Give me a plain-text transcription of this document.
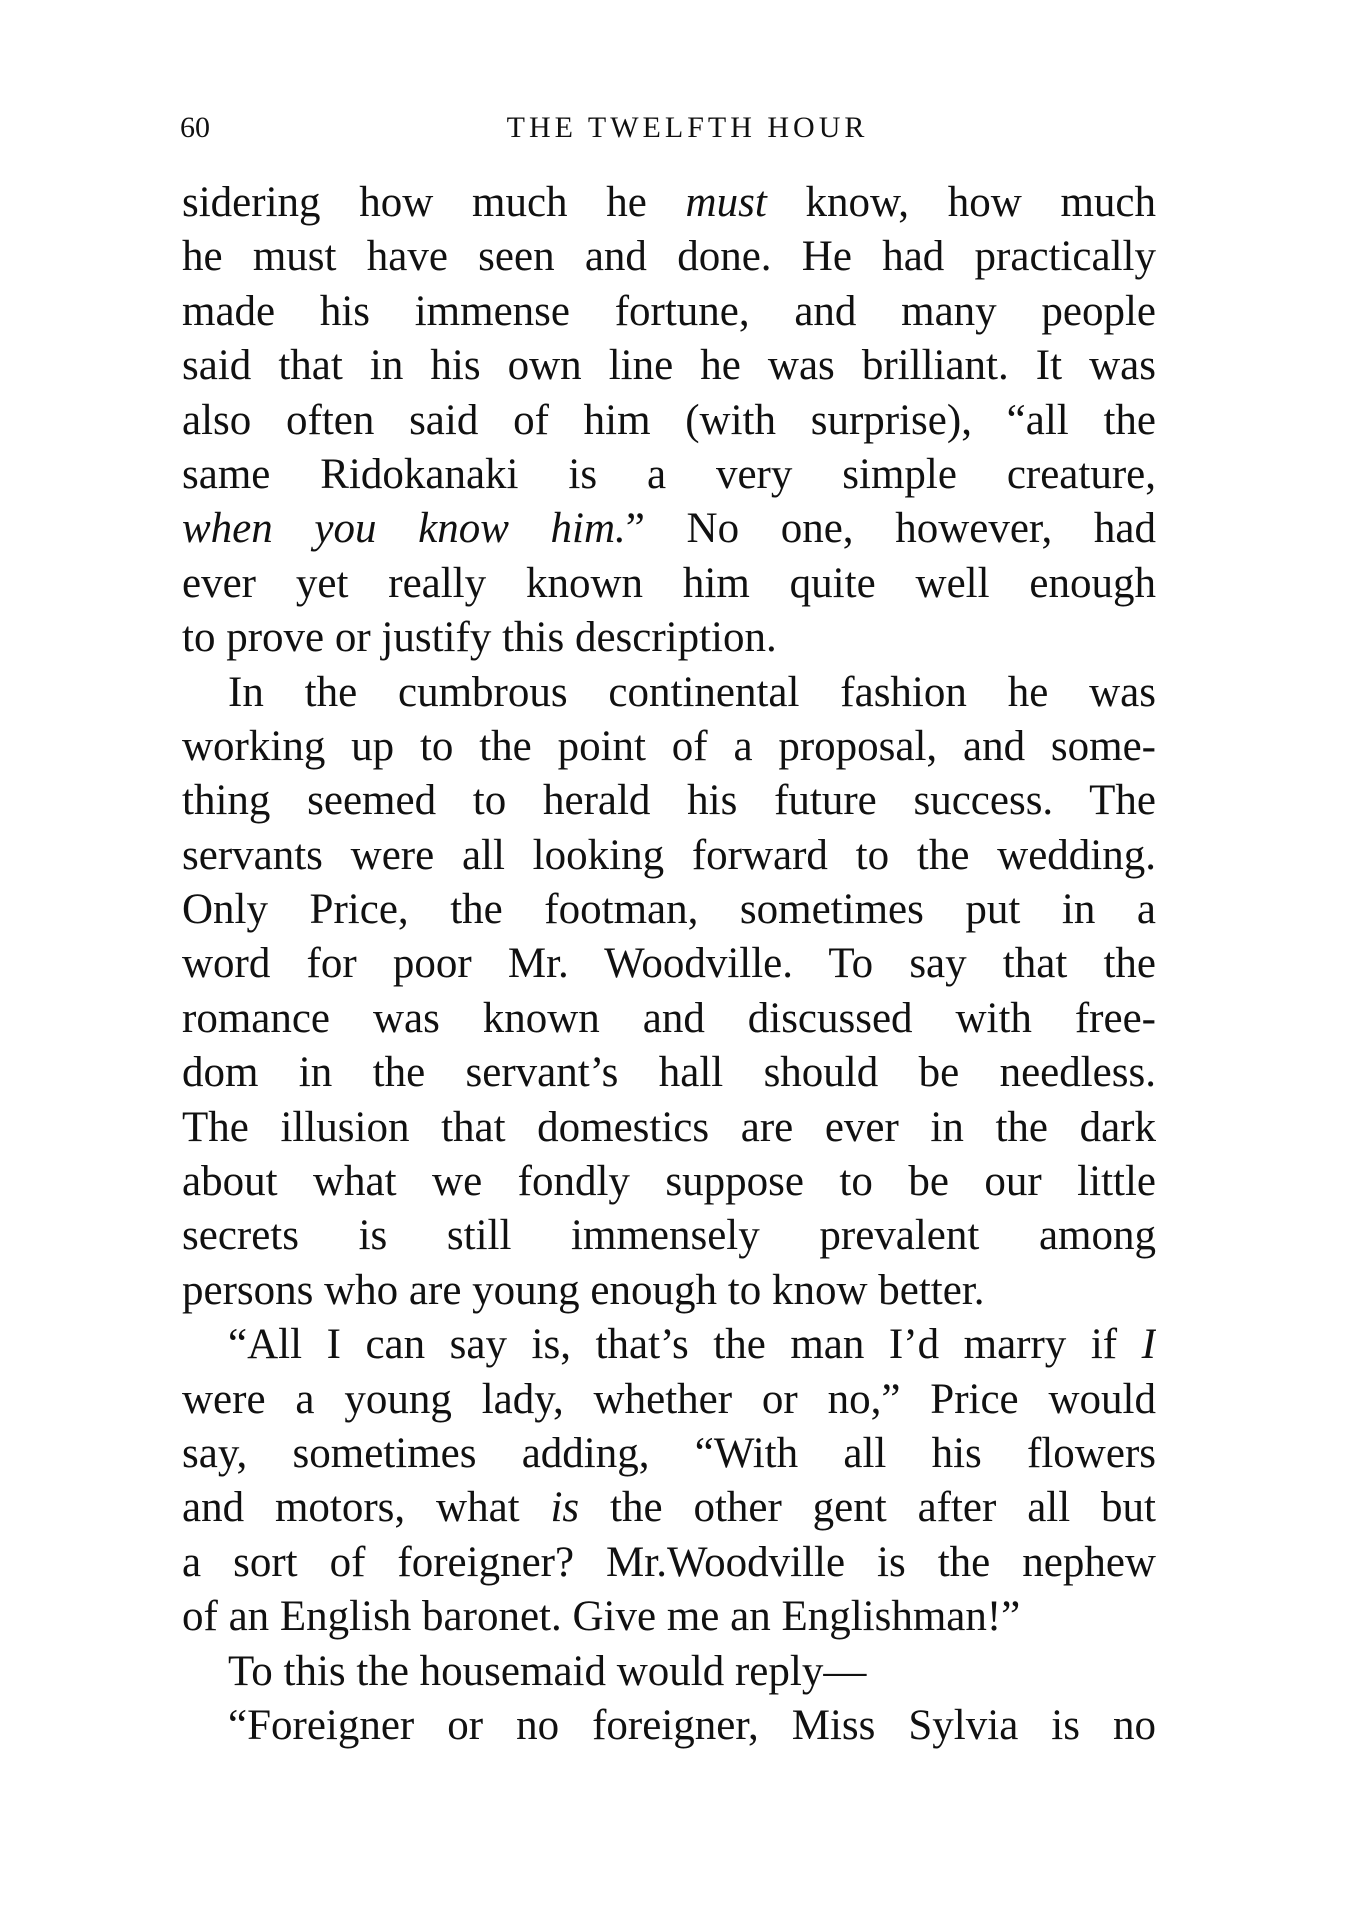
60	THE TWELFTH HOUR
sidering how much he must know, how much
he must have seen and done. He had practically
made his immense fortune, and many people
said that in his own line he was brilliant. It was
also often said of him (with surprise), “all the
same Ridokanaki is a very simple creature,
when you know him.” No one, however, had
ever yet really known him quite well enough
to prove or justify this description.
In the cumbrous continental fashion he was
working up to the point of a proposal, and some-
thing seemed to herald his future success. The
servants were all looking forward to the wedding.
Only Price, the footman, sometimes put in a
word for poor Mr. Woodville. To say that the
romance was known and discussed with free-
dom in the servant’s hall should be needless.
The illusion that domestics are ever in the dark
about what we fondly suppose to be our little
secrets is still immensely prevalent among
persons who are young enough to know better.
“All I can say is, that’s the man I’d marry if I
were a young lady, whether or no,” Price would
say, sometimes adding, “With all his flowers
and motors, what is the other gent after all but
a sort of foreigner? Mr.Woodville is the nephew
of an English baronet. Give me an Englishman!”
To this the housemaid would reply—
“Foreigner or no foreigner, Miss Sylvia is no
